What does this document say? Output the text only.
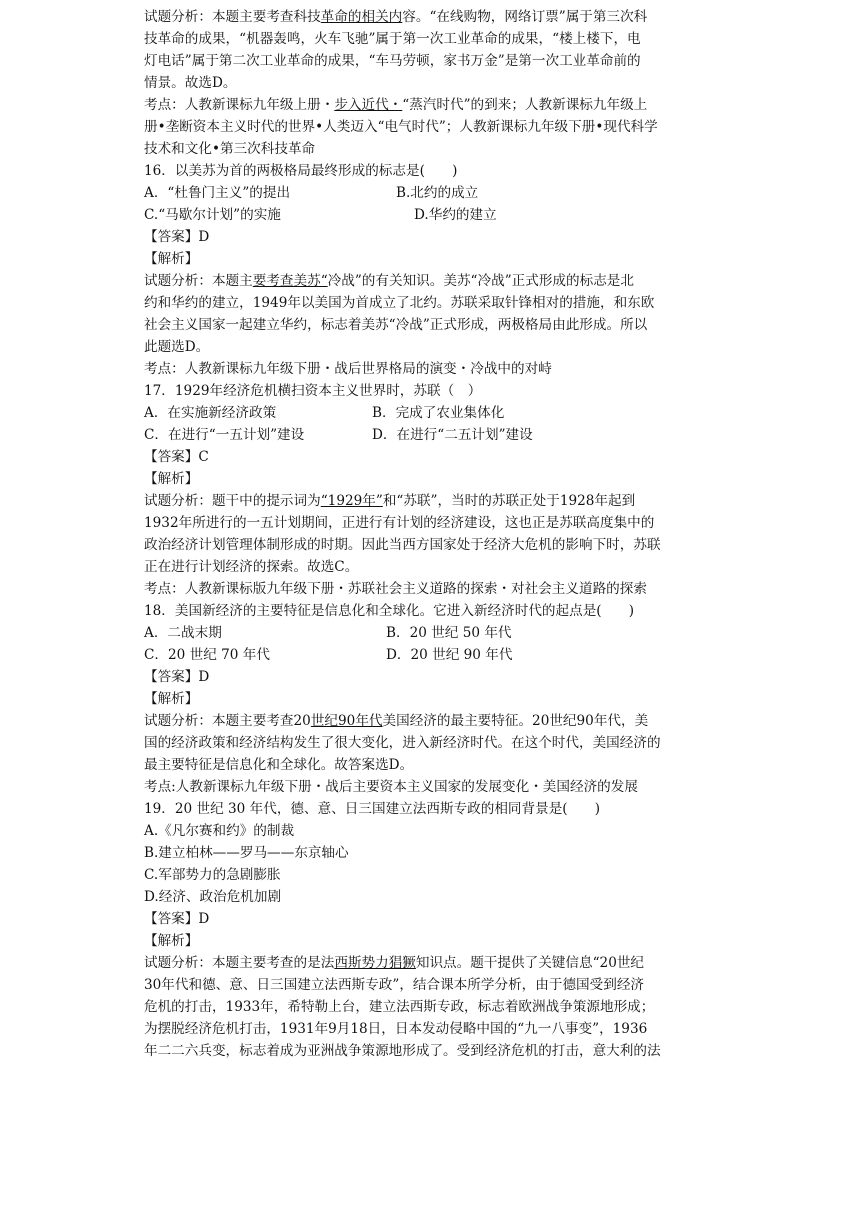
试题分析：本题主要考查科技革命的相关内容。“在线购物，网络订票”属于第三次科
技革命的成果，“机器轰鸣，火车飞驰”属于第一次工业革命的成果，“楼上楼下，电
灯电话”属于第二次工业革命的成果，“车马劳顿，家书万金”是第一次工业革命前的
情景。故选D。
考点：人教新课标九年级上册・步入近代・“蒸汽时代”的到来；人教新课标九年级上
册•垄断资本主义时代的世界•人类迈入“电气时代”；人教新课标九年级下册•现代科学
技术和文化•第三次科技革命
16．以美苏为首的两极格局最终形成的标志是(　　)
A．“杜鲁门主义”的提出	B.北约的成立
C.“马歇尔计划”的实施	D.华约的建立
【答案】D
【解析】
试题分析：本题主要考查美苏“冷战”的有关知识。美苏“冷战”正式形成的标志是北
约和华约的建立，1949年以美国为首成立了北约。苏联采取针锋相对的措施，和东欧
社会主义国家一起建立华约，标志着美苏“冷战”正式形成，两极格局由此形成。所以
此题选D。
考点：人教新课标九年级下册・战后世界格局的演变・冷战中的对峙
17．1929年经济危机横扫资本主义世界时，苏联（　）
A．在实施新经济政策	B．完成了农业集体化
C．在进行“一五计划”建设	D．在进行“二五计划”建设
【答案】C
【解析】
试题分析：题干中的提示词为“1929年”和“苏联”，当时的苏联正处于1928年起到
1932年所进行的一五计划期间，正进行有计划的经济建设，这也正是苏联高度集中的
政治经济计划管理体制形成的时期。因此当西方国家处于经济大危机的影响下时，苏联
正在进行计划经济的探索。故选C。
考点：人教新课标版九年级下册・苏联社会主义道路的探索・对社会主义道路的探索
18．美国新经济的主要特征是信息化和全球化。它进入新经济时代的起点是(　　)
A．二战末期	B．20 世纪 50 年代
C．20 世纪 70 年代	D．20 世纪 90 年代
【答案】D
【解析】
试题分析：本题主要考查20世纪90年代美国经济的最主要特征。20世纪90年代，美
国的经济政策和经济结构发生了很大变化，进入新经济时代。在这个时代，美国经济的
最主要特征是信息化和全球化。故答案选D。
考点:人教新课标九年级下册・战后主要资本主义国家的发展变化・美国经济的发展
19．20 世纪 30 年代，德、意、日三国建立法西斯专政的相同背景是(　　)
A.《凡尔赛和约》的制裁
B.建立柏林——罗马——东京轴心
C.军部势力的急剧膨胀
D.经济、政治危机加剧
【答案】D
【解析】
试题分析：本题主要考查的是法西斯势力猖獗知识点。题干提供了关键信息“20世纪
30年代和德、意、日三国建立法西斯专政”，结合课本所学分析，由于德国受到经济
危机的打击，1933年，希特勒上台，建立法西斯专政，标志着欧洲战争策源地形成；
为摆脱经济危机打击，1931年9月18日，日本发动侵略中国的“九一八事变”，1936
年二二六兵变，标志着成为亚洲战争策源地形成了。受到经济危机的打击，意大利的法
